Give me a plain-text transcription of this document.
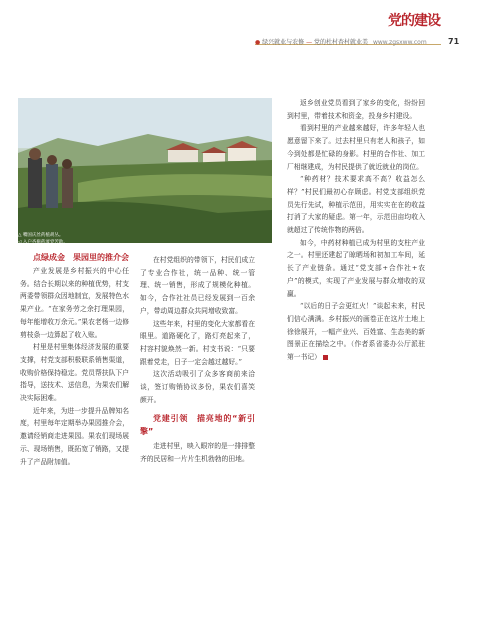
● 绿兴就业与农修 — 党的杜村杏村就业美 www.zgsxww.com
党的建设
71
△ 嘴国庆丝药植胡丛。
◁ 入户杏瓶药流党苦助。

点绿成金　果园里的推介会

产业发展是乡村振兴的中心任务。结合长期以来的种植优势，村支两委带领群众因地制宜，发展特色水果产业。“在家务劳之余打理果园，每年能增收万余元。”果农老杨一边修剪枝条一边算起了收入账。

村里是村里集体经济发展的重要支撑，村党支部积极联系销售渠道，收购价格保持稳定。党员帮扶队下户指导，送技术、送信息，为果农们解决实际困难。

近年来，为进一步提升品牌知名度，村里每年定期举办果园推介会，邀请经销商走进果园。果农们现场展示、现场销售，既拓宽了销路，又提升了产品附加值。

在村党组织的带领下，村民们成立了专业合作社，统一品种、统一管理、统一销售，形成了规模化种植。如今，合作社社员已经发展到一百余户，带动周边群众共同增收致富。

这些年来，村里的变化大家都看在眼里。道路硬化了，路灯亮起来了，村容村貌焕然一新。村支书说：“只要跟着党走，日子一定会越过越好。”

这次活动吸引了众多客商前来洽谈，签订购销协议多份，果农们喜笑颜开。

党建引领　描亮地的“新引擎”

走进村里，映入眼帘的是一排排整齐的民居和一片片生机勃勃的田地。

返乡创业党员看到了家乡的变化，纷纷回到村里，带着技术和资金，投身乡村建设。

看到村里的产业越来越好，许多年轻人也愿意留下来了。过去村里只有老人和孩子，如今到处都是忙碌的身影。村里的合作社、加工厂相继建成，为村民提供了就近就业的岗位。

“种药材？技术要求高不高？收益怎么样？”村民们最初心存顾虑。村党支部组织党员先行先试，种植示范田，用实实在在的收益打消了大家的疑虑。第一年，示范田亩均收入就超过了传统作物的两倍。

如今，中药材种植已成为村里的支柱产业之一。村里还建起了晾晒场和初加工车间，延长了产业链条。通过“党支部+合作社+农户”的模式，实现了产业发展与群众增收的双赢。

“以后的日子会更红火！”谈起未来，村民们信心满满。乡村振兴的画卷正在这片土地上徐徐展开，一幅产业兴、百姓富、生态美的新图景正在描绘之中。（作者系省委办公厅派驻第一书记）
